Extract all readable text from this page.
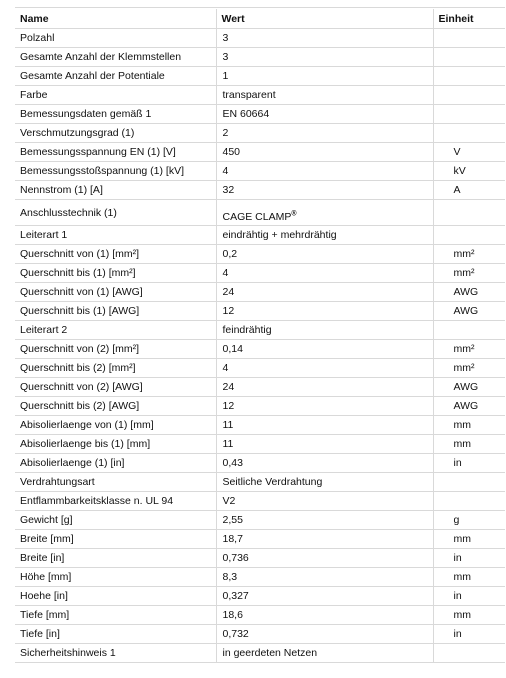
Name	Wert	Einheit
Polzahl	3	
Gesamte Anzahl der Klemmstellen	3	
Gesamte Anzahl der Potentiale	1	
Farbe	transparent	
Bemessungsdaten gemäß 1	EN 60664	
Verschmutzungsgrad (1)	2	
Bemessungsspannung EN (1) [V]	450	V
Bemessungsstoßspannung (1) [kV]	4	kV
Nennstrom (1) [A]	32	A
Anschlusstechnik (1)	CAGE CLAMP®	
Leiterart 1	eindrähtig + mehrdrähtig	
Querschnitt von (1) [mm²]	0,2	mm²
Querschnitt bis (1) [mm²]	4	mm²
Querschnitt von (1) [AWG]	24	AWG
Querschnitt bis (1) [AWG]	12	AWG
Leiterart 2	feindrähtig	
Querschnitt von (2) [mm²]	0,14	mm²
Querschnitt bis (2) [mm²]	4	mm²
Querschnitt von (2) [AWG]	24	AWG
Querschnitt bis (2) [AWG]	12	AWG
Abisolierlaenge von (1) [mm]	11	mm
Abisolierlaenge bis (1) [mm]	11	mm
Abisolierlaenge (1) [in]	0,43	in
Verdrahtungsart	Seitliche Verdrahtung	
Entflammbarkeitsklasse n. UL 94	V2	
Gewicht [g]	2,55	g
Breite [mm]	18,7	mm
Breite [in]	0,736	in
Höhe [mm]	8,3	mm
Hoehe [in]	0,327	in
Tiefe [mm]	18,6	mm
Tiefe [in]	0,732	in
Sicherheitshinweis 1	in geerdeten Netzen	
